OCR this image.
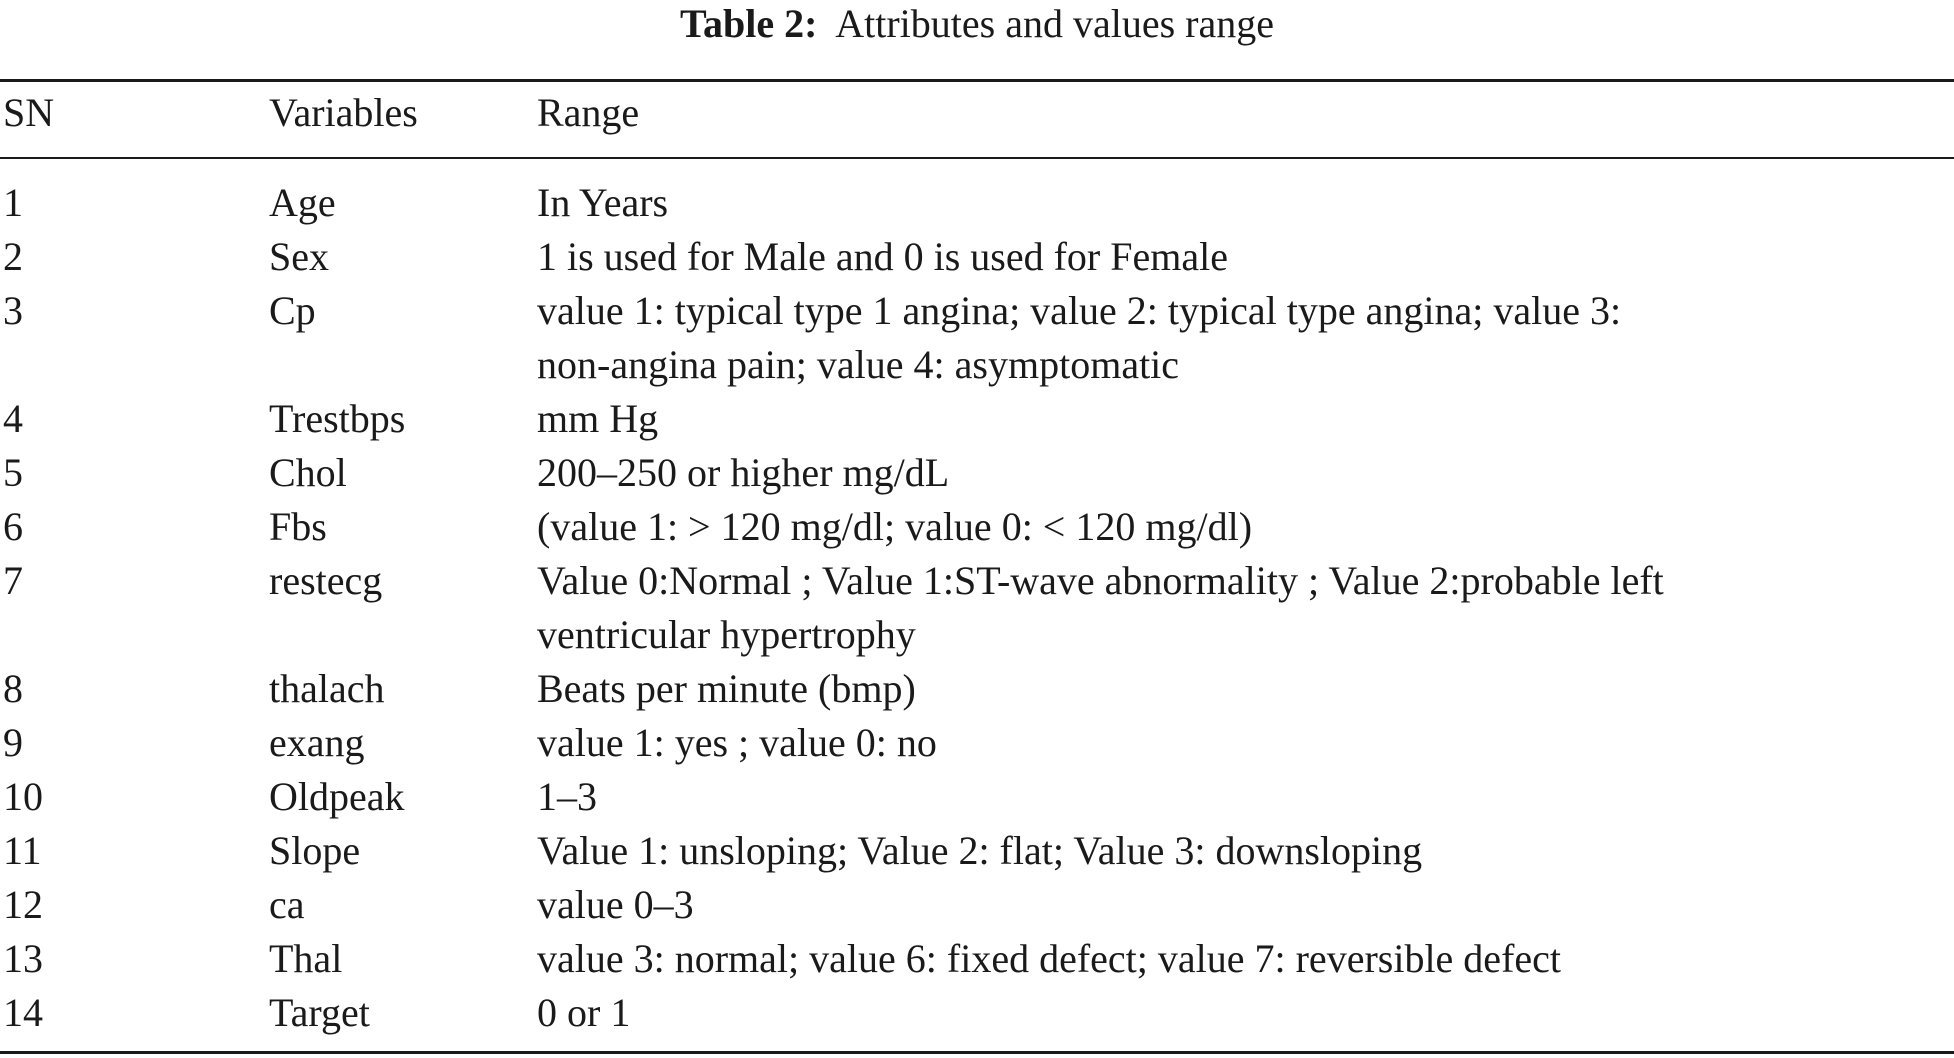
Table 2: Attributes and values range
SN	Variables	Range
1	Age	In Years
2	Sex	1 is used for Male and 0 is used for Female
3	Cp	value 1: typical type 1 angina; value 2: typical type angina; value 3:
non-angina pain; value 4: asymptomatic
4	Trestbps	mm Hg
5	Chol	200–250 or higher mg/dL
6	Fbs	(value 1: > 120 mg/dl; value 0: < 120 mg/dl)
7	restecg	Value 0:Normal ; Value 1:ST-wave abnormality ; Value 2:probable left
ventricular hypertrophy
8	thalach	Beats per minute (bmp)
9	exang	value 1: yes ; value 0: no
10	Oldpeak	1–3
11	Slope	Value 1: unsloping; Value 2: flat; Value 3: downsloping
12	ca	value 0–3
13	Thal	value 3: normal; value 6: fixed defect; value 7: reversible defect
14	Target	0 or 1
